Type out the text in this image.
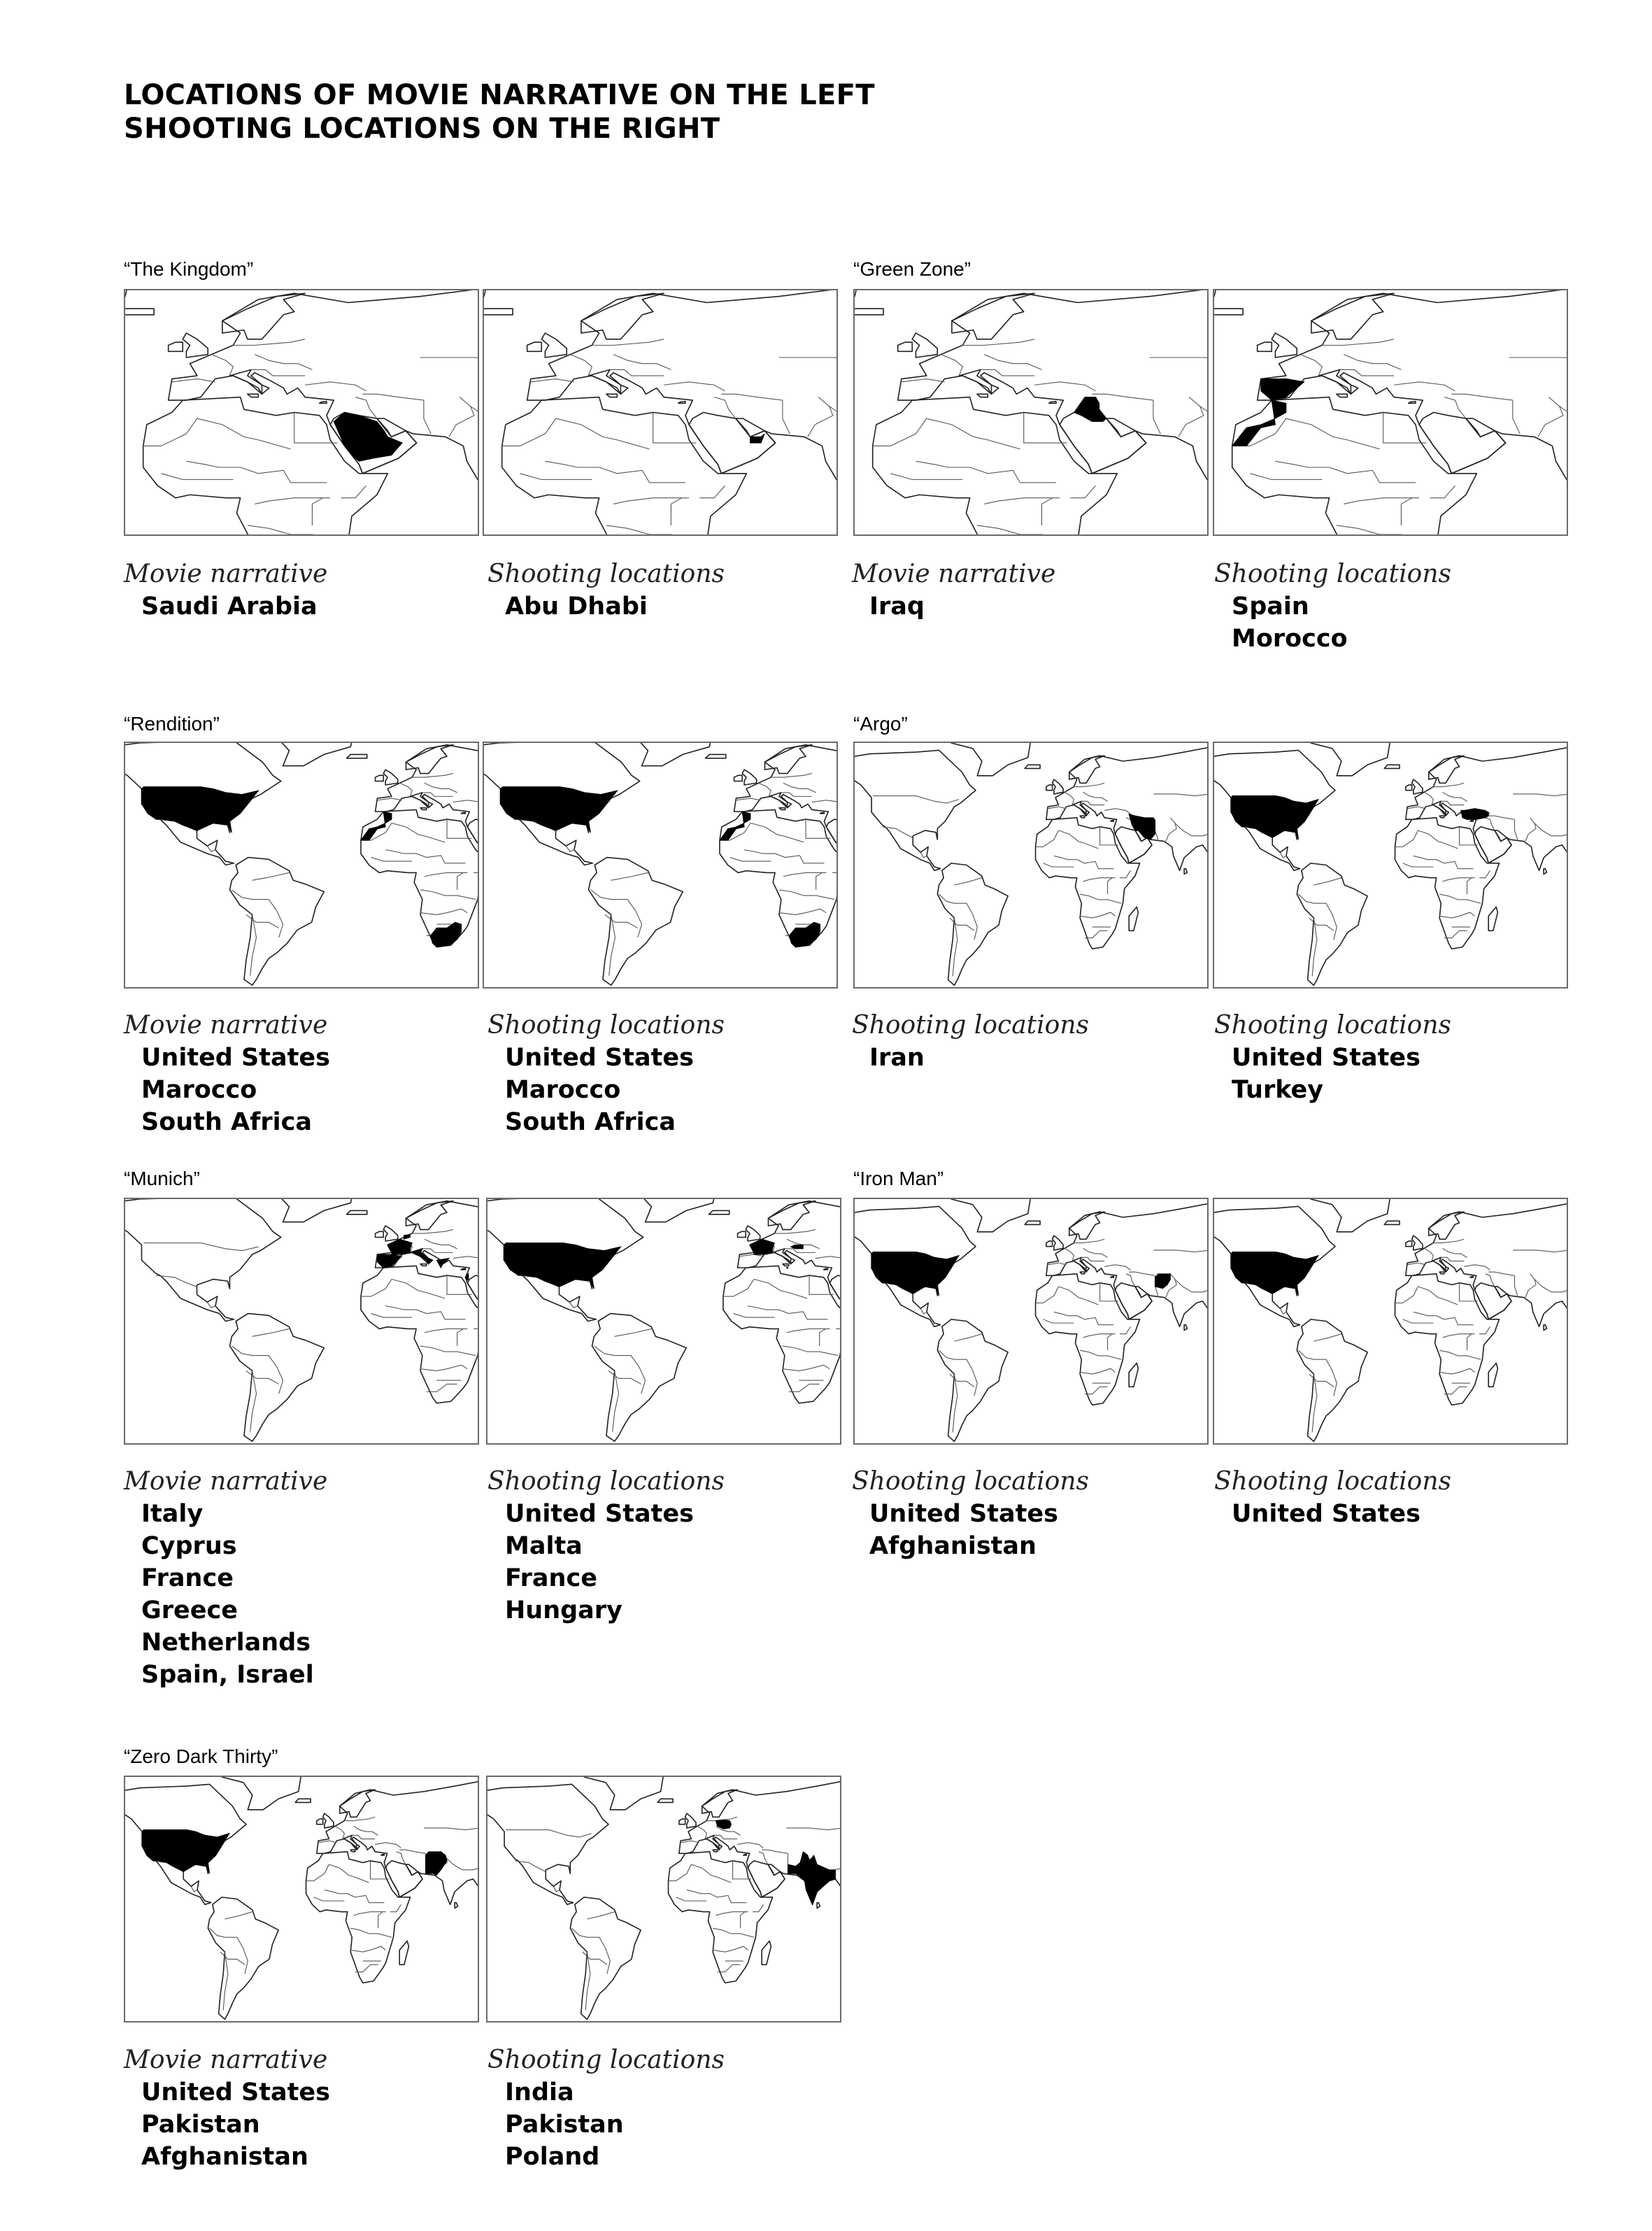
LOCATIONS OF MOVIE NARRATIVE ON THE LEFT
SHOOTING LOCATIONS ON THE RIGHT
“The Kingdom”
Movie narrative
Saudi Arabia
Shooting locations
Abu Dhabi
“Green Zone”
Movie narrative
Iraq
Shooting locations
Spain
Morocco
“Rendition”
Movie narrative
United States
Marocco
South Africa
Shooting locations
United States
Marocco
South Africa
“Argo”
Shooting locations
Iran
Shooting locations
United States
Turkey
“Munich”
Movie narrative
Italy
Cyprus
France
Greece
Netherlands
Spain, Israel
Shooting locations
United States
Malta
France
Hungary
“Iron Man”
Shooting locations
United States
Afghanistan
Shooting locations
United States
“Zero Dark Thirty”
Movie narrative
United States
Pakistan
Afghanistan
Shooting locations
India
Pakistan
Poland
